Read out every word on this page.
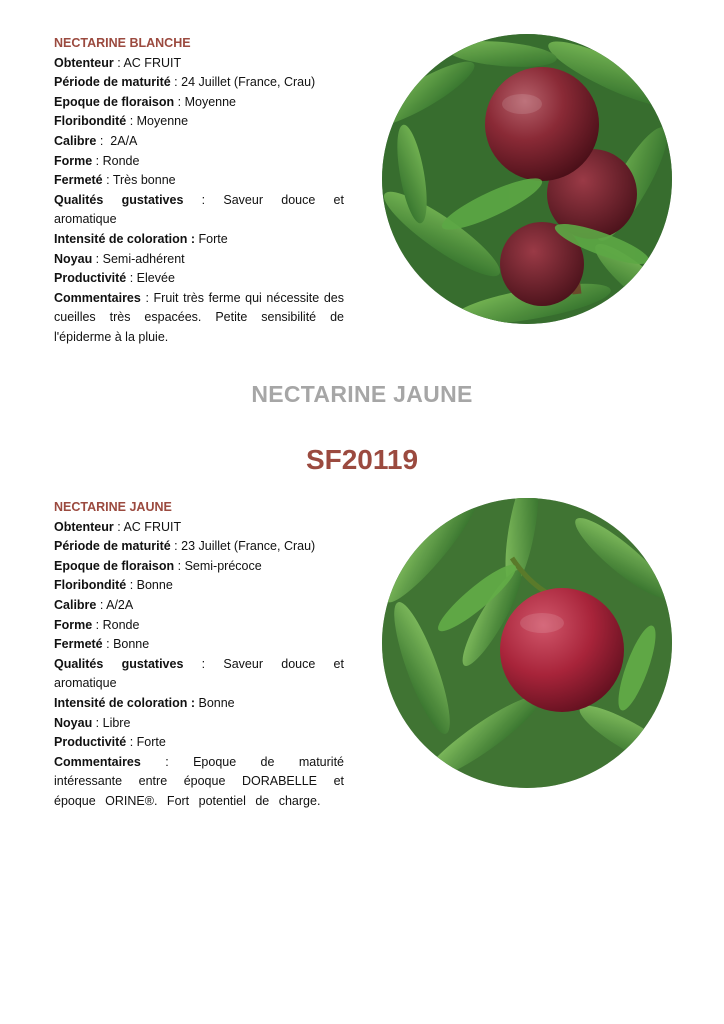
NECTARINE BLANCHE
Obtenteur : AC FRUIT
Période de maturité : 24 Juillet (France, Crau)
Epoque de floraison : Moyenne
Floribondité : Moyenne
Calibre :  2A/A
Forme : Ronde
Fermeté : Très bonne
Qualités gustatives : Saveur douce et aromatique
Intensité de coloration : Forte
Noyau : Semi-adhérent
Productivité : Elevée
Commentaires : Fruit très ferme qui nécessite des cueilles très espacées. Petite sensibilité de l'épiderme à la pluie.
NECTARINE JAUNE
SF20119
NECTARINE JAUNE
Obtenteur : AC FRUIT
Période de maturité : 23 Juillet (France, Crau)
Epoque de floraison : Semi-précoce
Floribondité : Bonne
Calibre : A/2A
Forme : Ronde
Fermeté : Bonne
Qualités gustatives : Saveur douce et aromatique
Intensité de coloration : Bonne
Noyau : Libre
Productivité : Forte
Commentaires : Epoque de maturité intéressante entre époque DORABELLE et époque ORINE®. Fort potentiel de charge.
